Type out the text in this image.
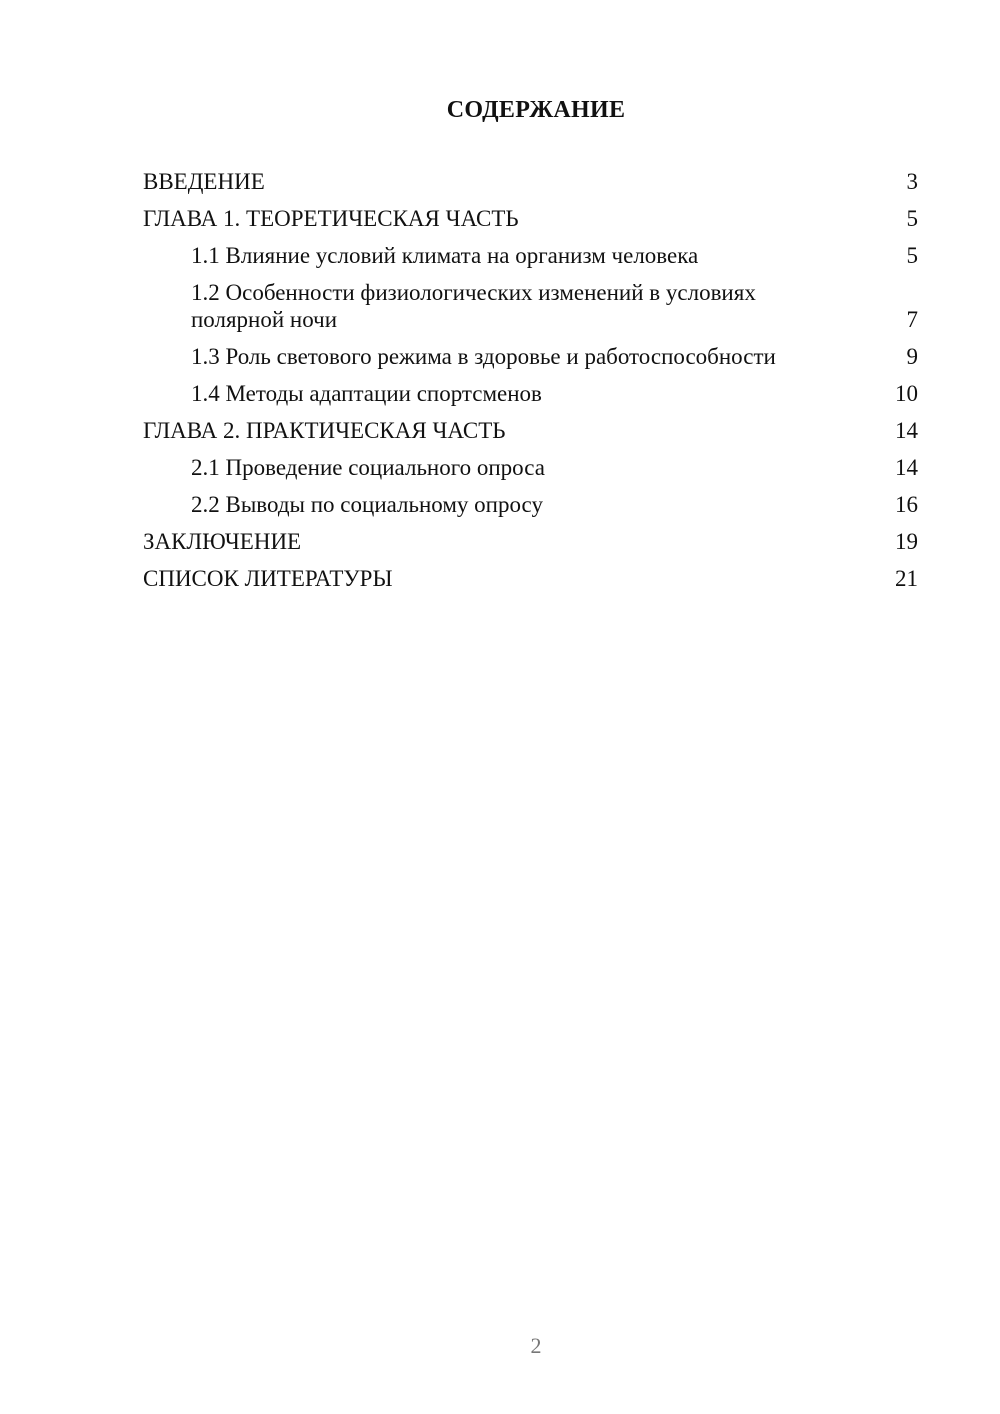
СОДЕРЖАНИЕ
ВВЕДЕНИЕ	3
ГЛАВА 1. ТЕОРЕТИЧЕСКАЯ ЧАСТЬ	5
1.1 Влияние условий климата на организм человека	5
1.2 Особенности физиологических изменений в условиях полярной ночи	7
1.3 Роль светового режима в здоровье и работоспособности	9
1.4 Методы адаптации спортсменов	10
ГЛАВА 2. ПРАКТИЧЕСКАЯ ЧАСТЬ	14
2.1 Проведение социального опроса	14
2.2 Выводы по социальному опросу	16
ЗАКЛЮЧЕНИЕ	19
СПИСОК ЛИТЕРАТУРЫ	21
2
